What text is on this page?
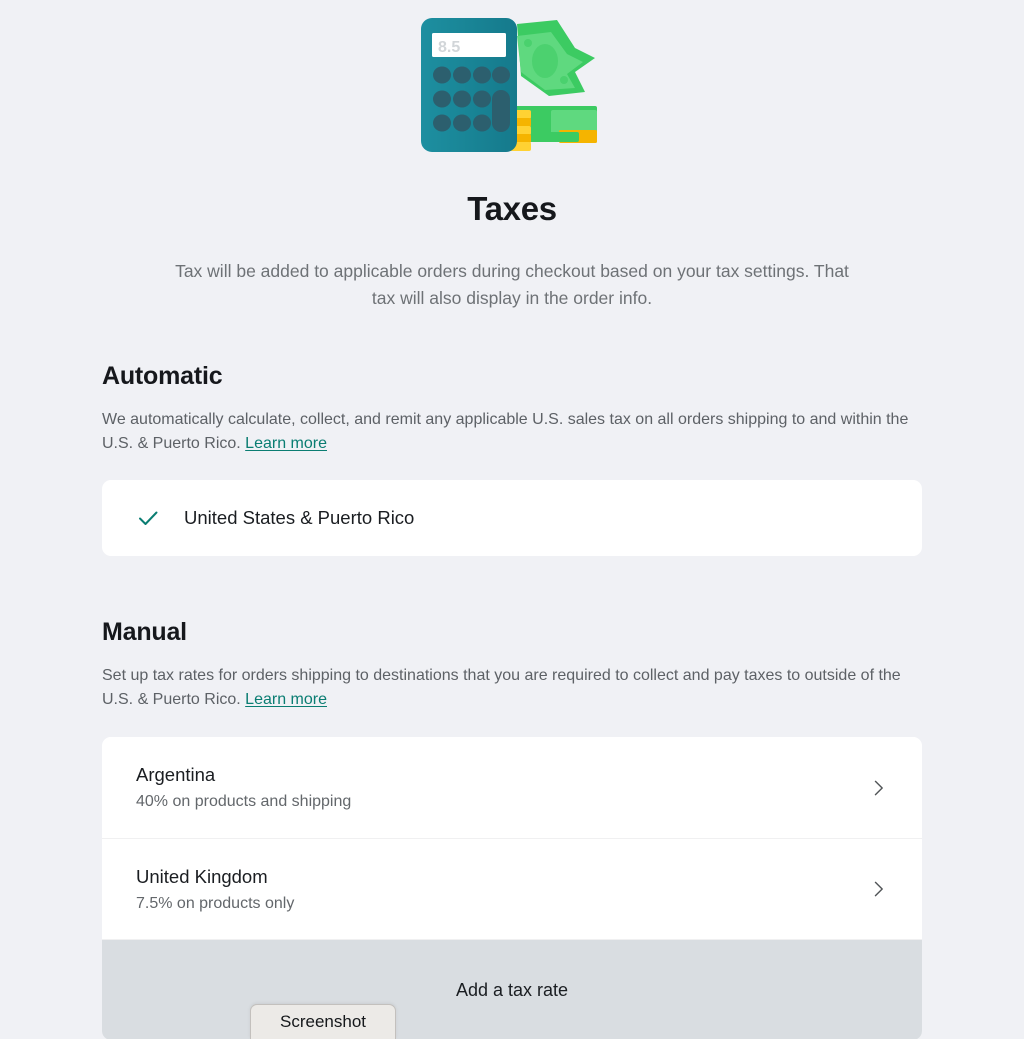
8.5
Taxes

Tax will be added to applicable orders during checkout based on your tax settings. That tax will also display in the order info.

Automatic

We automatically calculate, collect, and remit any applicable U.S. sales tax on all orders shipping to and within the U.S. & Puerto Rico. Learn more

United States & Puerto Rico
Manual

Set up tax rates for orders shipping to destinations that you are required to collect and pay taxes to outside of the U.S. & Puerto Rico. Learn more

Argentina
40% on products and shipping
United Kingdom
7.5% on products only
Add a tax rate
Screenshot
